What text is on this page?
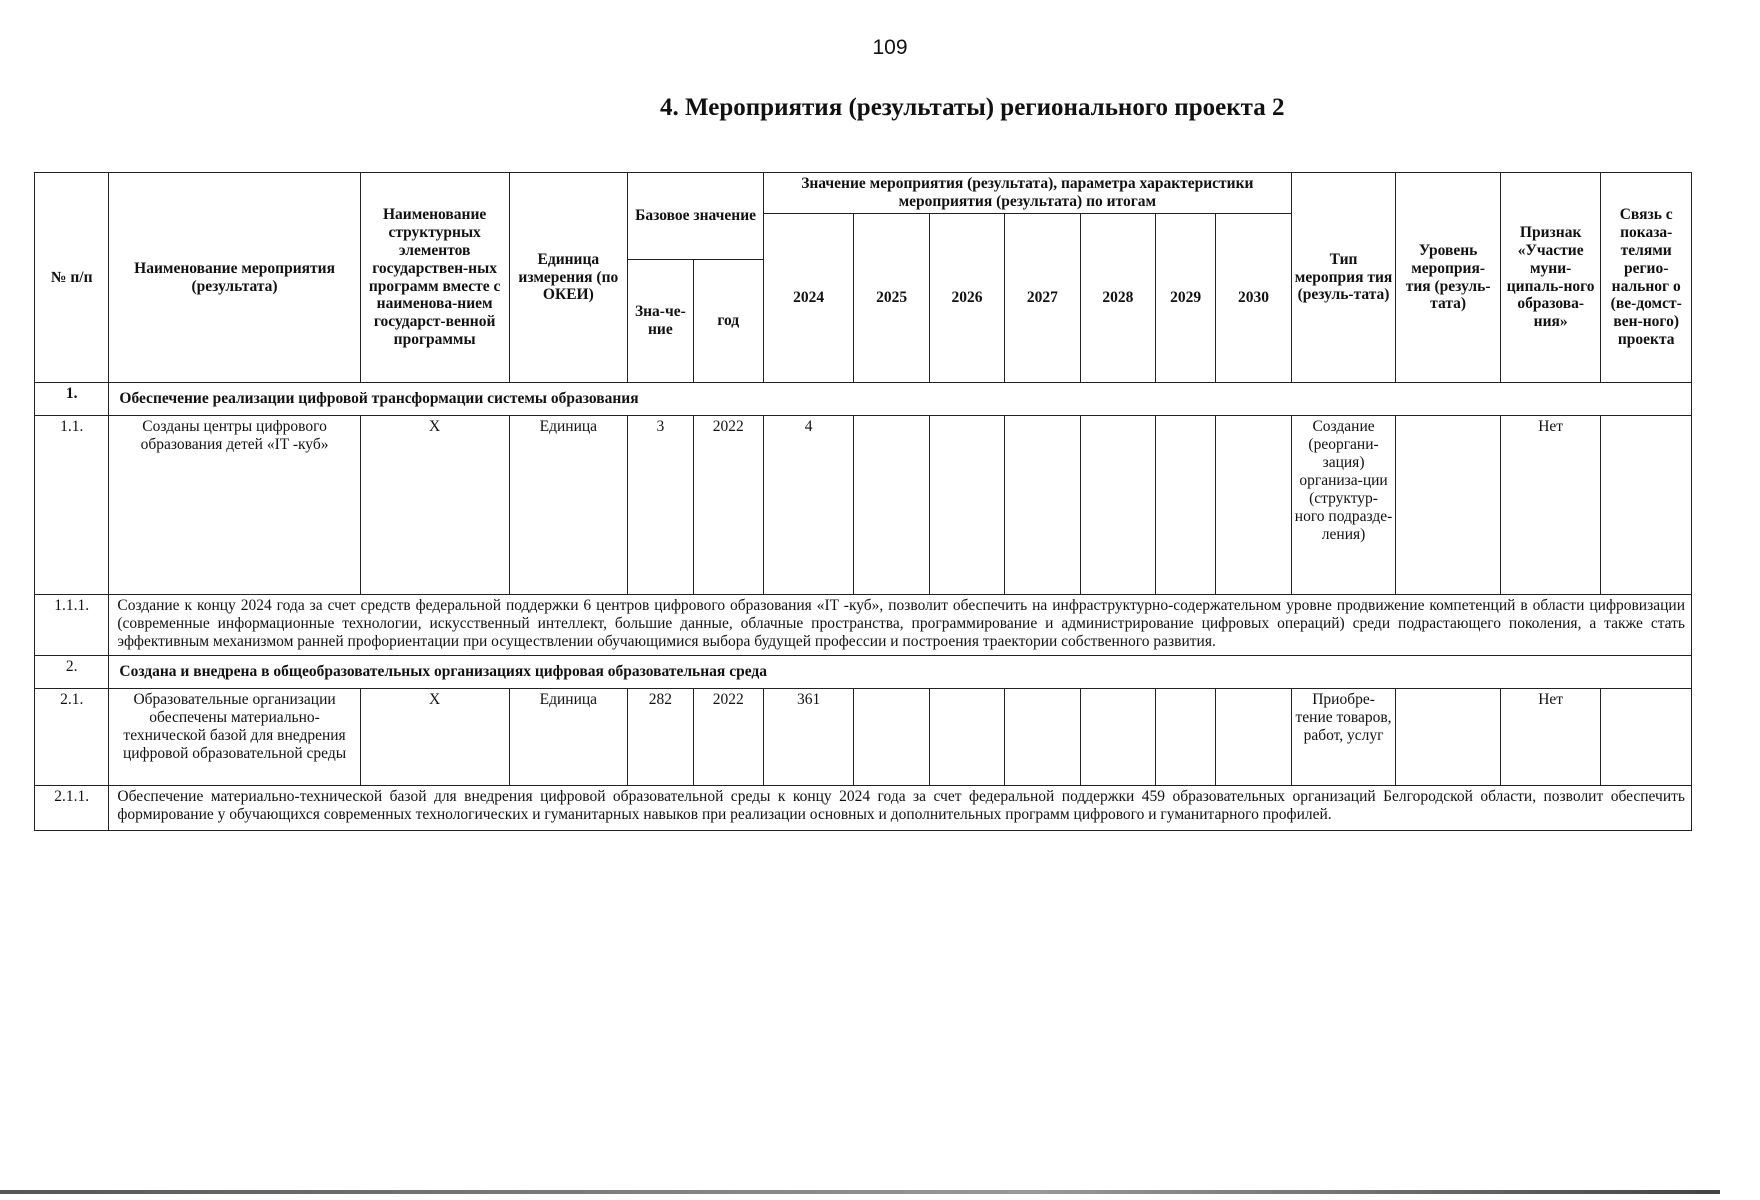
109
4. Мероприятия (результаты) регионального проекта 2
№ п/п	Наименование мероприятия (результата)	Наименование структурных элементов государствен-ных программ вместе с наименова-нием государст-венной программы	Единица измерения (по ОКЕИ)	Базовое значение		Значение мероприятия (результата), параметра характеристики мероприятия (результата) по итогам							Тип мероприя тия (резуль-тата)	Уровень мероприя-тия (резуль-тата)	Признак «Участие муни-ципаль-ного образова-ния»	Связь с показа-телями регио-нальног о (ве-домст-вен-ного) проекта
						2024	2025	2026	2027	2028	2029	2030				
				Зна-че-ние	год											
1.	Обеспечение реализации цифровой трансформации системы образования															
1.1.	Созданы центры цифрового образования детей «IT -куб»	X	Единица	3	2022	4							Создание (реоргани-зация) организа-ции (структур-ного подразде-ления)		Нет	
1.1.1.	Создание к концу 2024 года за счет средств федеральной поддержки 6 центров цифрового образования «IT -куб», позволит обеспечить на инфраструктурно-содержательном уровне продвижение компетенций в области цифровизации (современные информационные технологии, искусственный интеллект, большие данные, облачные пространства, программирование и администрирование цифровых операций) среди подрастающего поколения, а также стать эффективным механизмом ранней профориентации при осуществлении обучающимися выбора будущей профессии и построения траектории собственного развития.															
2.	Создана и внедрена в общеобразовательных организациях цифровая образовательная среда															
2.1.	Образовательные организации обеспечены материально-технической базой для внедрения цифровой образовательной среды	X	Единица	282	2022	361							Приобре-тение товаров, работ, услуг		Нет	
2.1.1.	Обеспечение материально-технической базой для внедрения цифровой образовательной среды к концу 2024 года за счет федеральной поддержки 459 образовательных организаций Белгородской области, позволит обеспечить формирование у обучающихся современных технологических и гуманитарных навыков при реализации основных и дополнительных программ цифрового и гуманитарного профилей.															
